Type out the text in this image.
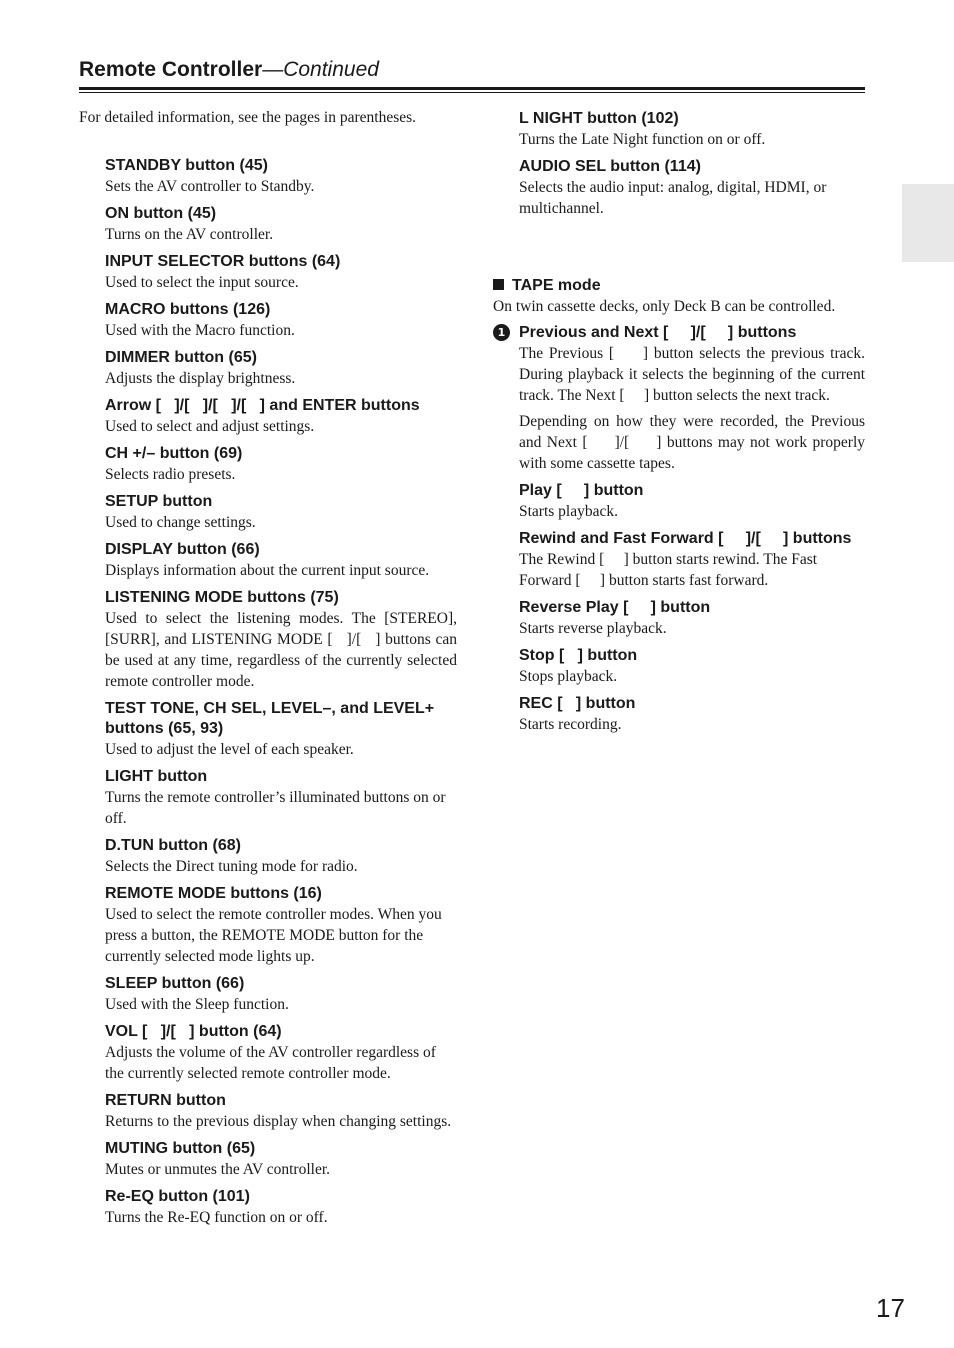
Remote Controller—Continued
For detailed information, see the pages in parentheses.
STANDBY button (45)
Sets the AV controller to Standby.
ON button (45)
Turns on the AV controller.
INPUT SELECTOR buttons (64)
Used to select the input source.
MACRO buttons (126)
Used with the Macro function.
DIMMER button (65)
Adjusts the display brightness.
Arrow [   ]/[   ]/[   ]/[   ] and ENTER buttons
Used to select and adjust settings.
CH +/– button (69)
Selects radio presets.
SETUP button
Used to change settings.
DISPLAY button (66)
Displays information about the current input source.
LISTENING MODE buttons (75)
Used to select the listening modes. The [STEREO], [SURR], and LISTENING MODE [   ]/[   ] buttons can be used at any time, regardless of the currently selected remote controller mode.
TEST TONE, CH SEL, LEVEL–, and LEVEL+ buttons (65, 93)
Used to adjust the level of each speaker.
LIGHT button
Turns the remote controller’s illuminated buttons on or off.
D.TUN button (68)
Selects the Direct tuning mode for radio.
REMOTE MODE buttons (16)
Used to select the remote controller modes. When you press a button, the REMOTE MODE button for the currently selected mode lights up.
SLEEP button (66)
Used with the Sleep function.
VOL [   ]/[   ] button (64)
Adjusts the volume of the AV controller regardless of the currently selected remote controller mode.
RETURN button
Returns to the previous display when changing settings.
MUTING button (65)
Mutes or unmutes the AV controller.
Re-EQ button (101)
Turns the Re-EQ function on or off.
L NIGHT button (102)
Turns the Late Night function on or off.
AUDIO SEL button (114)
Selects the audio input: analog, digital, HDMI, or multichannel.
TAPE mode
On twin cassette decks, only Deck B can be controlled.
1 Previous and Next [     ]/[     ] buttons
The Previous [     ] button selects the previous track. During playback it selects the beginning of the current track. The Next [     ] button selects the next track.
Depending on how they were recorded, the Previous and Next [     ]/[     ] buttons may not work properly with some cassette tapes.
Play [     ] button
Starts playback.
Rewind and Fast Forward [     ]/[     ] buttons
The Rewind [     ] button starts rewind. The Fast Forward [     ] button starts fast forward.
Reverse Play [     ] button
Starts reverse playback.
Stop [   ] button
Stops playback.
REC [   ] button
Starts recording.
17
